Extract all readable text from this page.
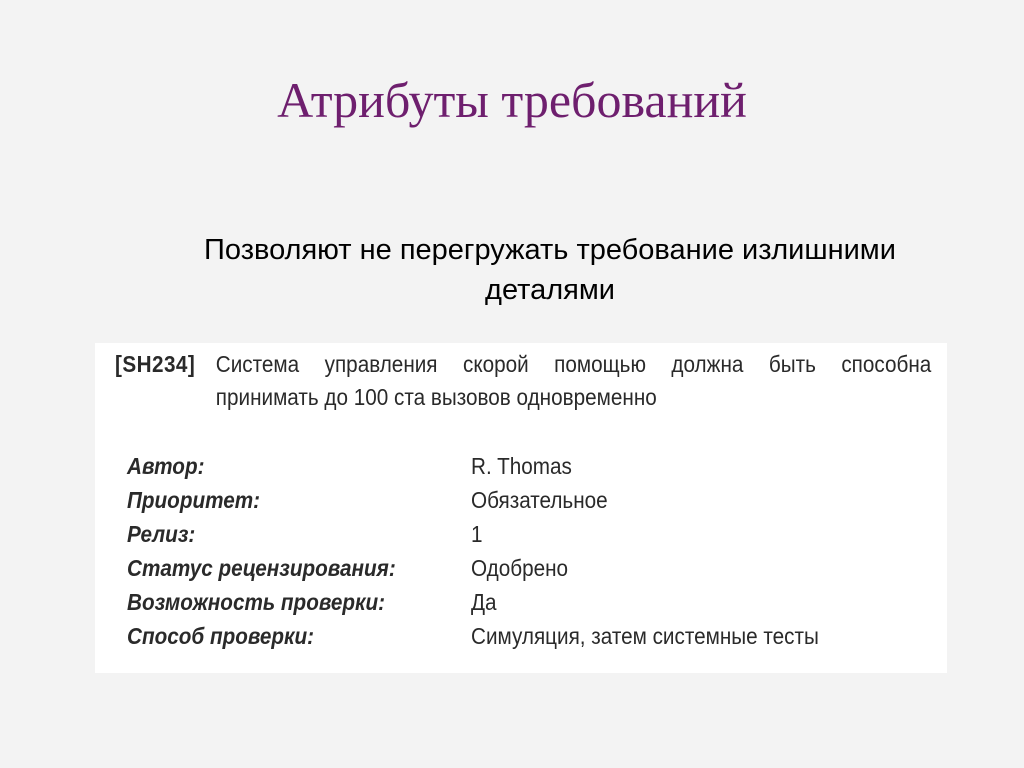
Атрибуты требований
Позволяют не перегружать требование излишними
деталями
[SH234] Система управления скорой помощью должна быть способна
принимать до 100 ста вызовов одновременно
Автор:	R. Thomas
Приоритет:	Обязательное
Релиз:	1
Статус рецензирования:	Одобрено
Возможность проверки:	Да
Способ проверки:	Симуляция, затем системные тесты
